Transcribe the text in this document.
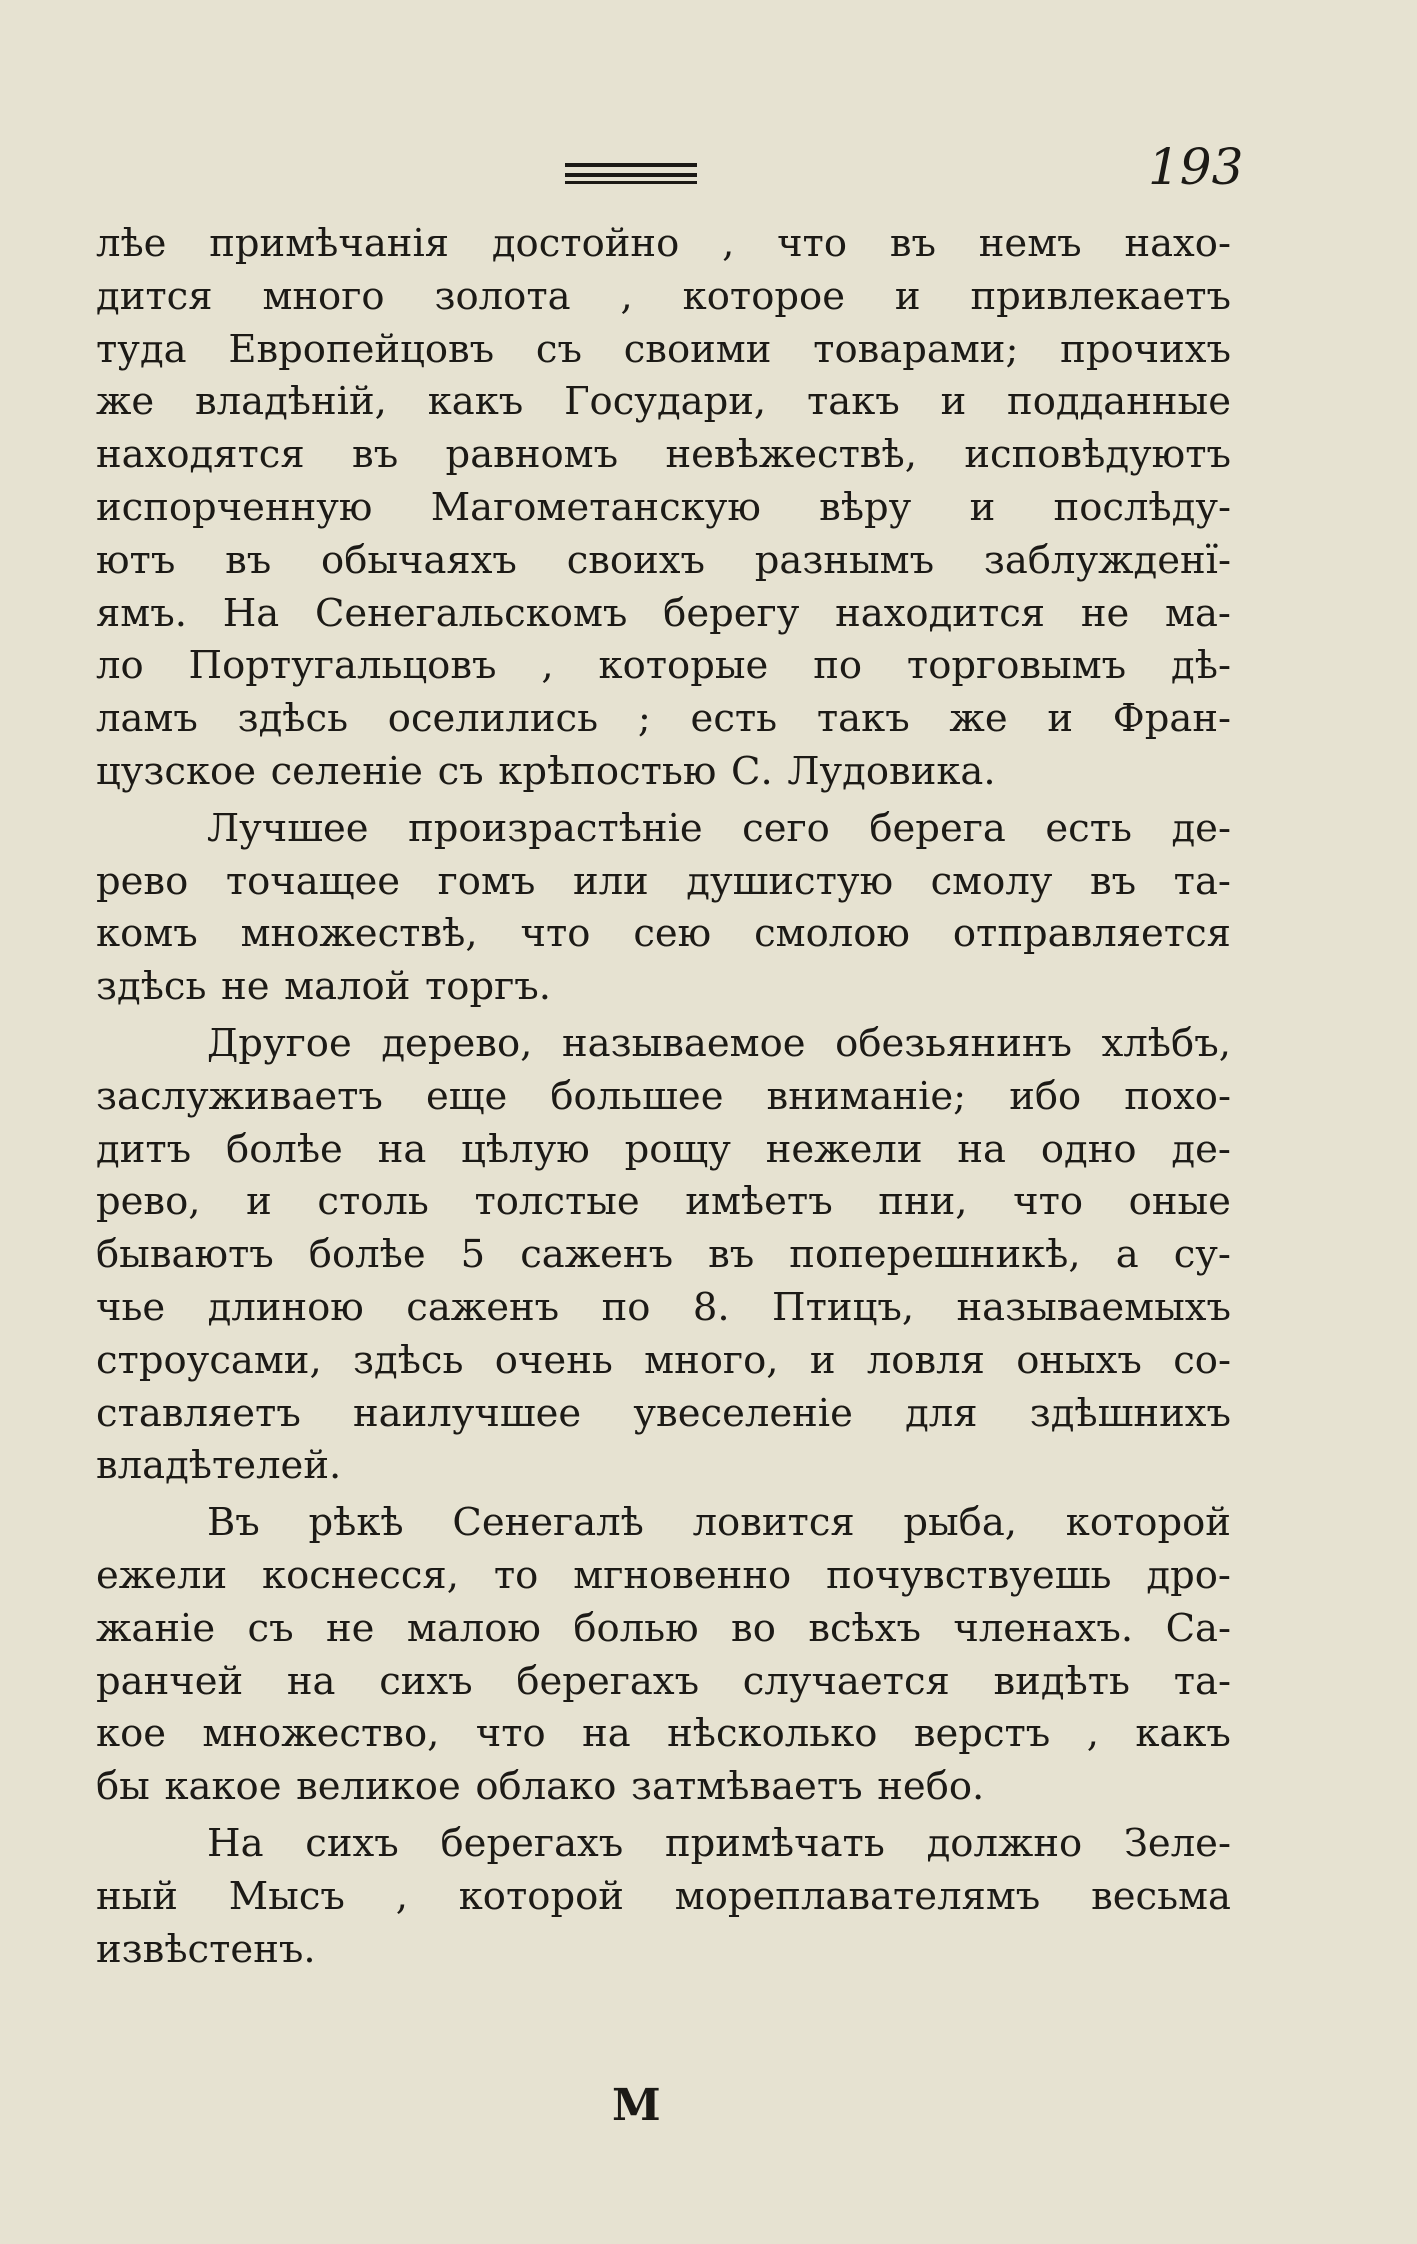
193
лѣе примѣчанія достойно , что въ немъ нахо-
дится много золота , которое и привлекаетъ
туда Европейцовъ съ своими товарами; прочихъ
же владѣній, какъ Государи, такъ и подданные
находятся въ равномъ невѣжествѣ, исповѣдуютъ
испорченную Магометанскую вѣру и послѣду-
ютъ въ обычаяхъ своихъ разнымъ заблужденї-
ямъ. На Сенегальскомъ берегу находится не ма-
ло Португальцовъ , которые по торговымъ дѣ-
ламъ здѣсь оселились ; есть такъ же и Фран-
цузское селеніе съ крѣпостью С. Лудовика.
Лучшее произрастѣніе сего берега есть де-
рево точащее гомъ или душистую смолу въ та-
комъ множествѣ, что сею смолою отправляется
здѣсь не малой торгъ.
Другое дерево, называемое обезьянинъ хлѣбъ,
заслуживаетъ еще большее вниманіе; ибо похо-
дитъ болѣе на цѣлую рощу нежели на одно де-
рево, и столь толстые имѣетъ пни, что оные
бываютъ болѣе 5 саженъ въ поперешникѣ, а су-
чье длиною саженъ по 8. Птицъ, называемыхъ
строусами, здѣсь очень много, и ловля оныхъ со-
ставляетъ наилучшее увеселеніе для здѣшнихъ
владѣтелей.
Въ рѣкѣ Сенегалѣ ловится рыба, которой
ежели коснесся, то мгновенно почувствуешь дро-
жаніе съ не малою болью во всѣхъ членахъ. Са-
ранчей на сихъ берегахъ случается видѣть та-
кое множество, что на нѣсколько верстъ , какъ
бы какое великое облако затмѣваетъ небо.
На сихъ берегахъ примѣчать должно Зеле-
ный Мысъ , которой мореплавателямъ весьма
извѣстенъ.
М
